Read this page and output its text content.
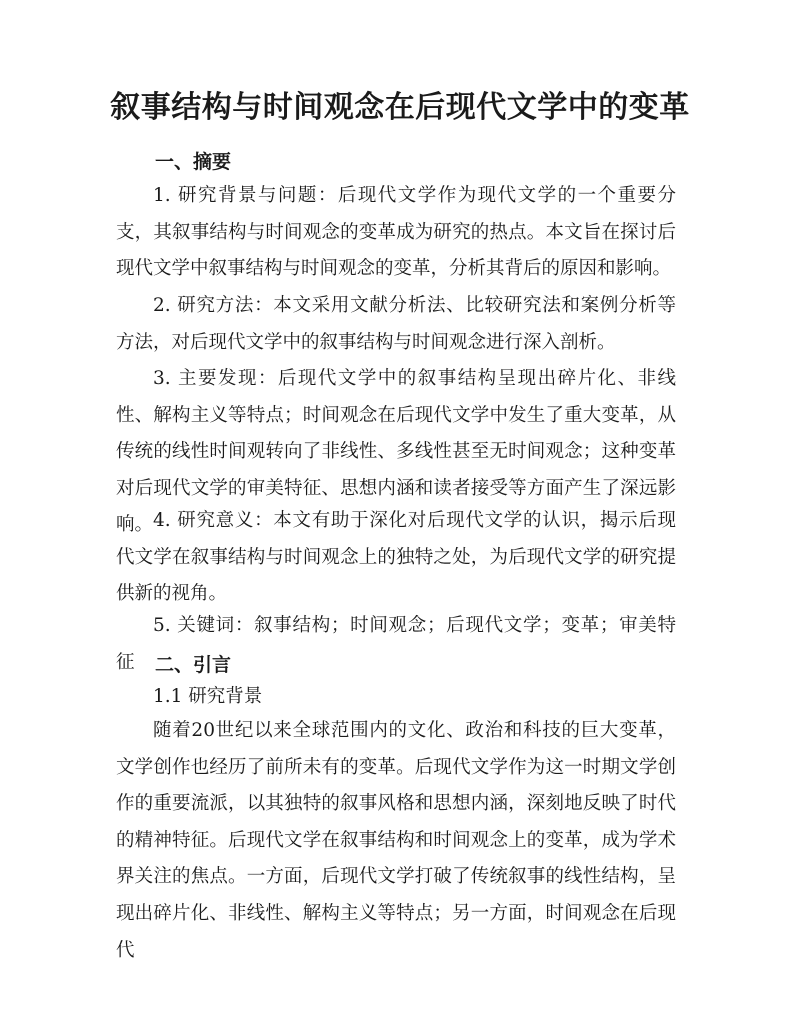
叙事结构与时间观念在后现代文学中的变革
一、摘要
1. 研究背景与问题：后现代文学作为现代文学的一个重要分支，其叙事结构与时间观念的变革成为研究的热点。本文旨在探讨后现代文学中叙事结构与时间观念的变革，分析其背后的原因和影响。
2. 研究方法：本文采用文献分析法、比较研究法和案例分析等方法，对后现代文学中的叙事结构与时间观念进行深入剖析。
3. 主要发现：后现代文学中的叙事结构呈现出碎片化、非线性、解构主义等特点；时间观念在后现代文学中发生了重大变革，从传统的线性时间观转向了非线性、多线性甚至无时间观念；这种变革对后现代文学的审美特征、思想内涵和读者接受等方面产生了深远影响。 4. 研究意义：本文有助于深化对后现代文学的认识，揭示后现代文学在叙事结构与时间观念上的独特之处，为后现代文学的研究提供新的视角。
5. 关键词：叙事结构；时间观念；后现代文学；变革；审美特征	二、引言
1.1 研究背景
随着20世纪以来全球范围内的文化、政治和科技的巨大变革，文学创作也经历了前所未有的变革。后现代文学作为这一时期文学创作的重要流派，以其独特的叙事风格和思想内涵，深刻地反映了时代的精神特征。后现代文学在叙事结构和时间观念上的变革，成为学术界关注的焦点。一方面，后现代文学打破了传统叙事的线性结构，呈现出碎片化、非线性、解构主义等特点；另一方面，时间观念在后现代
